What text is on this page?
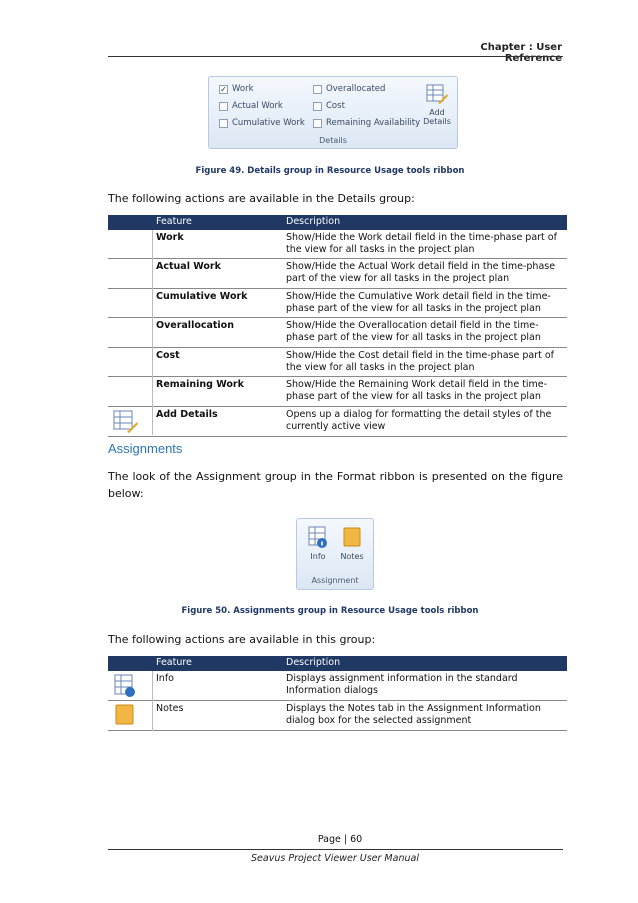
Chapter : User Reference
✓ Work
Actual Work
Cumulative Work
Overallocated
Cost
Remaining Availability
Add Details
Details
Figure 49. Details group in Resource Usage tools ribbon
The following actions are available in the Details group:
Feature	Description
Work	Show/Hide the Work detail field in the time-phase part of the view for all tasks in the project plan
Actual Work	Show/Hide the Actual Work detail field in the time-phase part of the view for all tasks in the project plan
Cumulative Work	Show/Hide the Cumulative Work detail field in the time-phase part of the view for all tasks in the project plan
Overallocation	Show/Hide the Overallocation detail field in the time-phase part of the view for all tasks in the project plan
Cost	Show/Hide the Cost detail field in the time-phase part of the view for all tasks in the project plan
Remaining Work	Show/Hide the Remaining Work detail field in the time-phase part of the view for all tasks in the project plan
Add Details	Opens up a dialog for formatting the detail styles of the currently active view
Assignments
The look of the Assignment group in the Format ribbon is presented on the figure below:
Info	Notes
Assignment
Figure 50. Assignments group in Resource Usage tools ribbon
The following actions are available in this group:
Feature	Description
Info	Displays assignment information in the standard Information dialogs
Notes	Displays the Notes tab in the Assignment Information dialog box for the selected assignment
Page | 60
Seavus Project Viewer User Manual
